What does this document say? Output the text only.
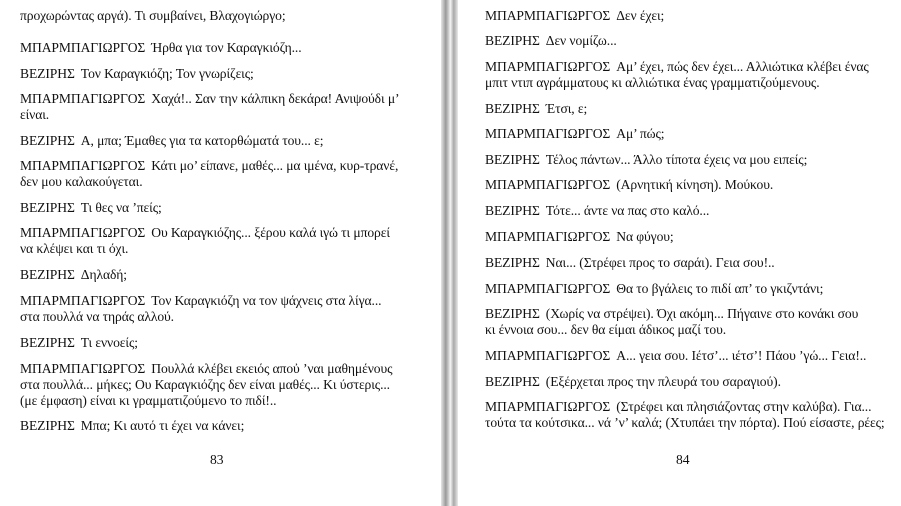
προχωρώντας αργά). Τι συμβαίνει, Βλαχογιώργο;
ΜΠΑΡΜΠΑΓΙΩΡΓΟΣ Ήρθα για τον Καραγκιόζη...
ΒΕΖΙΡΗΣ Τον Καραγκιόζη; Τον γνωρίζεις;
ΜΠΑΡΜΠΑΓΙΩΡΓΟΣ Χαχά!.. Σαν την κάλπικη δεκάρα! Ανιψούδι μ’
είναι.
ΒΕΖΙΡΗΣ Α, μπα; Έμαθες για τα κατορθώματά του... ε;
ΜΠΑΡΜΠΑΓΙΩΡΓΟΣ Κάτι μο’ είπανε, μαθές... μα ιμένα, κυρ-τρανέ,
δεν μου καλακούγεται.
ΒΕΖΙΡΗΣ Τι θες να ’πείς;
ΜΠΑΡΜΠΑΓΙΩΡΓΟΣ Ου Καραγκιόζης... ξέρου καλά ιγώ τι μπορεί
να κλέψει και τι όχι.
ΒΕΖΙΡΗΣ Δηλαδή;
ΜΠΑΡΜΠΑΓΙΩΡΓΟΣ Τον Καραγκιόζη να τον ψάχνεις στα λίγα...
στα πουλλά να τηράς αλλού.
ΒΕΖΙΡΗΣ Τι εννοείς;
ΜΠΑΡΜΠΑΓΙΩΡΓΟΣ Πουλλά κλέβει εκειός αποὐ ’ναι μαθημένους
στα πουλλά... μήκες; Ου Καραγκιόζης δεν είναι μαθές... Κι ύστερις...
(με έμφαση) είναι κι γραμματιζούμενο το πιδί!..
ΒΕΖΙΡΗΣ Μπα; Κι αυτό τι έχει να κάνει;
83
ΜΠΑΡΜΠΑΓΙΩΡΓΟΣ Δεν έχει;
ΒΕΖΙΡΗΣ Δεν νομίζω...
ΜΠΑΡΜΠΑΓΙΩΡΓΟΣ Αμ’ έχει, πώς δεν έχει... Αλλιώτικα κλέβει ένας
μπιτ ντιπ αγράμματους κι αλλιώτικα ένας γραμματιζούμενους.
ΒΕΖΙΡΗΣ Έτσι, ε;
ΜΠΑΡΜΠΑΓΙΩΡΓΟΣ Αμ’ πώς;
ΒΕΖΙΡΗΣ Τέλος πάντων... Άλλο τίποτα έχεις να μου ειπείς;
ΜΠΑΡΜΠΑΓΙΩΡΓΟΣ (Αρνητική κίνηση). Μούκου.
ΒΕΖΙΡΗΣ Τότε... άντε να πας στο καλό...
ΜΠΑΡΜΠΑΓΙΩΡΓΟΣ Να φύγου;
ΒΕΖΙΡΗΣ Ναι... (Στρέφει προς το σαράι). Γεια σου!..
ΜΠΑΡΜΠΑΓΙΩΡΓΟΣ Θα το βγάλεις το πιδί απ’ το γκιζντάνι;
ΒΕΖΙΡΗΣ (Χωρίς να στρέψει). Όχι ακόμη... Πήγαινε στο κονάκι σου
κι έννοια σου... δεν θα είμαι άδικος μαζί του.
ΜΠΑΡΜΠΑΓΙΩΡΓΟΣ Α... γεια σου. Ιέτσ’... ιέτσ’! Πάου ’γώ... Γεια!..
ΒΕΖΙΡΗΣ (Εξέρχεται προς την πλευρά του σαραγιού).
ΜΠΑΡΜΠΑΓΙΩΡΓΟΣ (Στρέφει και πλησιάζοντας στην καλύβα). Για...
τούτα τα κούτσικα... νά ’ν’ καλά; (Χτυπάει την πόρτα). Πού είσαστε, ρέες;
84
